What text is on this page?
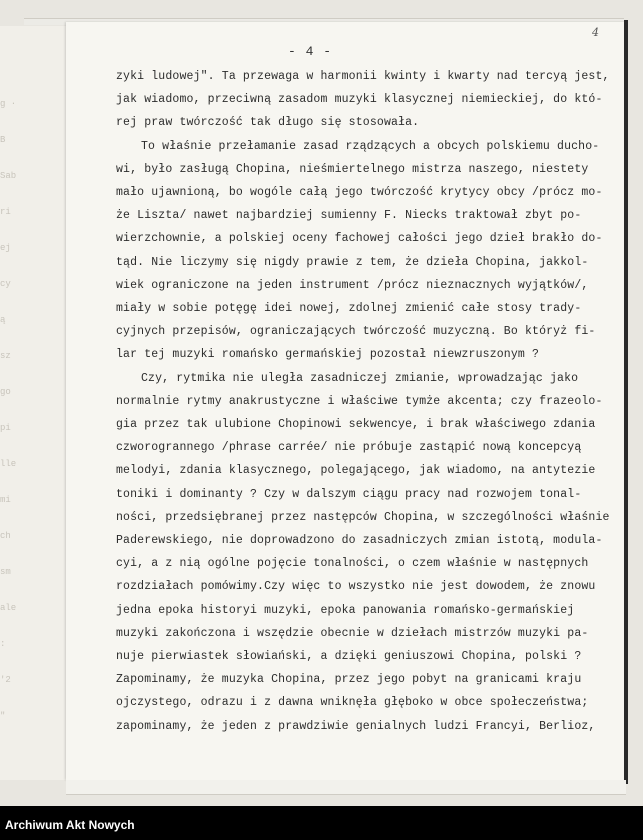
g ·
B
Sab
ri
ej
cy
ą
sz
go
pi
lle
mi
ch
sm
ale
:
'2
"
- 4 -
4
zyki ludowej". Ta przewaga w harmonii kwinty i kwarty nad tercyą jest,
jak wiadomo, przeciwną zasadom muzyki klasycznej niemieckiej, do któ-
rej praw twórczość tak długo się stosowała.
To właśnie przełamanie zasad rządzących a obcych polskiemu ducho-
wi, było zasługą Chopina, nieśmiertelnego mistrza naszego, niestety
mało ujawnioną, bo wogóle całą jego twórczość krytycy obcy /prócz mo-
że Liszta/ nawet najbardziej sumienny F. Niecks traktował zbyt po-
wierzchownie, a polskiej oceny fachowej całości jego dzieł brakło do-
tąd. Nie liczymy się nigdy prawie z tem, że dzieła Chopina, jakkol-
wiek ograniczone na jeden instrument /prócz nieznacznych wyjątków/,
miały w sobie potęgę idei nowej, zdolnej zmienić całe stosy trady-
cyjnych przepisów, ograniczających twórczość muzyczną. Bo któryż fi-
lar tej muzyki romańsko germańskiej pozostał niewzruszonym ?
Czy, rytmika nie uległa zasadniczej zmianie, wprowadzając jako
normalnie rytmy anakrustyczne i właściwe tymże akcenta; czy frazeolo-
gia przez tak ulubione Chopinowi sekwencye, i brak właściwego zdania
czworogrannego /phrase carrée/ nie próbuje zastąpić nową koncepcyą
melodyi, zdania klasycznego, polegającego, jak wiadomo, na antytezie
toniki i dominanty ? Czy w dalszym ciągu pracy nad rozwojem tonal-
ności, przedsiębranej przez następców Chopina, w szczególności właśnie
Paderewskiego, nie doprowadzono do zasadniczych zmian istotą, modula-
cyi, a z nią ogólne pojęcie tonalności, o czem właśnie w następnych
rozdziałach pomówimy.Czy więc to wszystko nie jest dowodem, że znowu
jedna epoka historyi muzyki, epoka panowania romańsko-germańskiej
muzyki zakończona i wszędzie obecnie w dziełach mistrzów muzyki pa-
nuje pierwiastek słowiański, a dzięki geniuszowi Chopina, polski ?
Zapominamy, że muzyka Chopina, przez jego pobyt na granicami kraju
ojczystego, odrazu i z dawna wniknęła głęboko w obce społeczeństwa;
zapominamy, że jeden z prawdziwie genialnych ludzi Francyi, Berlioz,
Archiwum Akt Nowych
